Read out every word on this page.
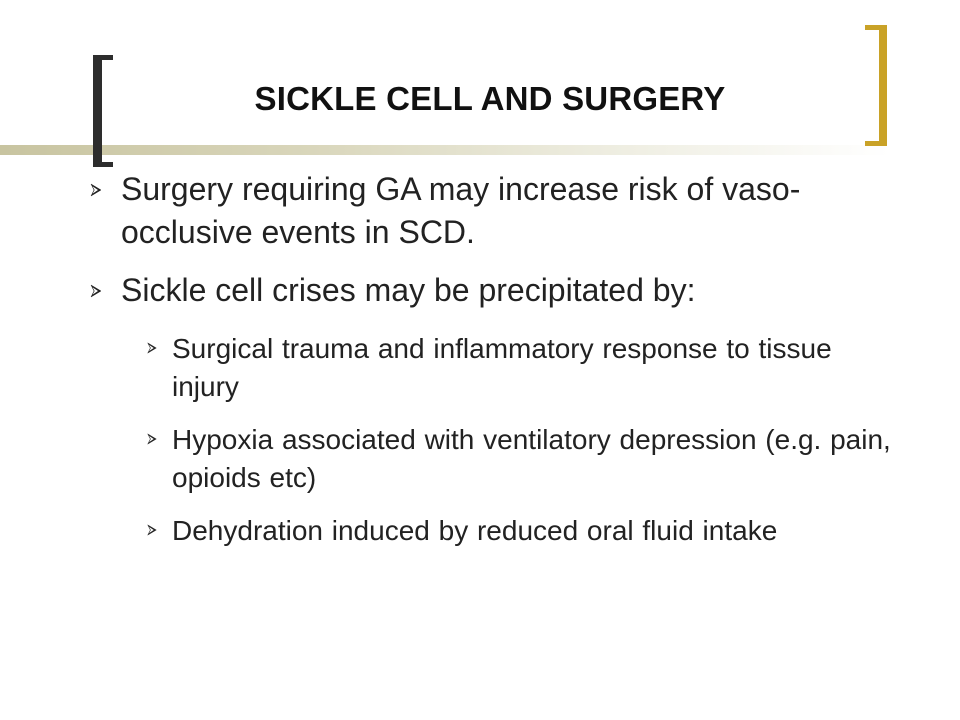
SICKLE CELL AND SURGERY
Surgery requiring GA may increase risk of vaso-occlusive events in SCD.
Sickle cell crises may be precipitated by:
Surgical trauma and inflammatory response to tissue injury
Hypoxia associated with ventilatory depression (e.g. pain, opioids etc)
Dehydration induced by reduced oral fluid intake
